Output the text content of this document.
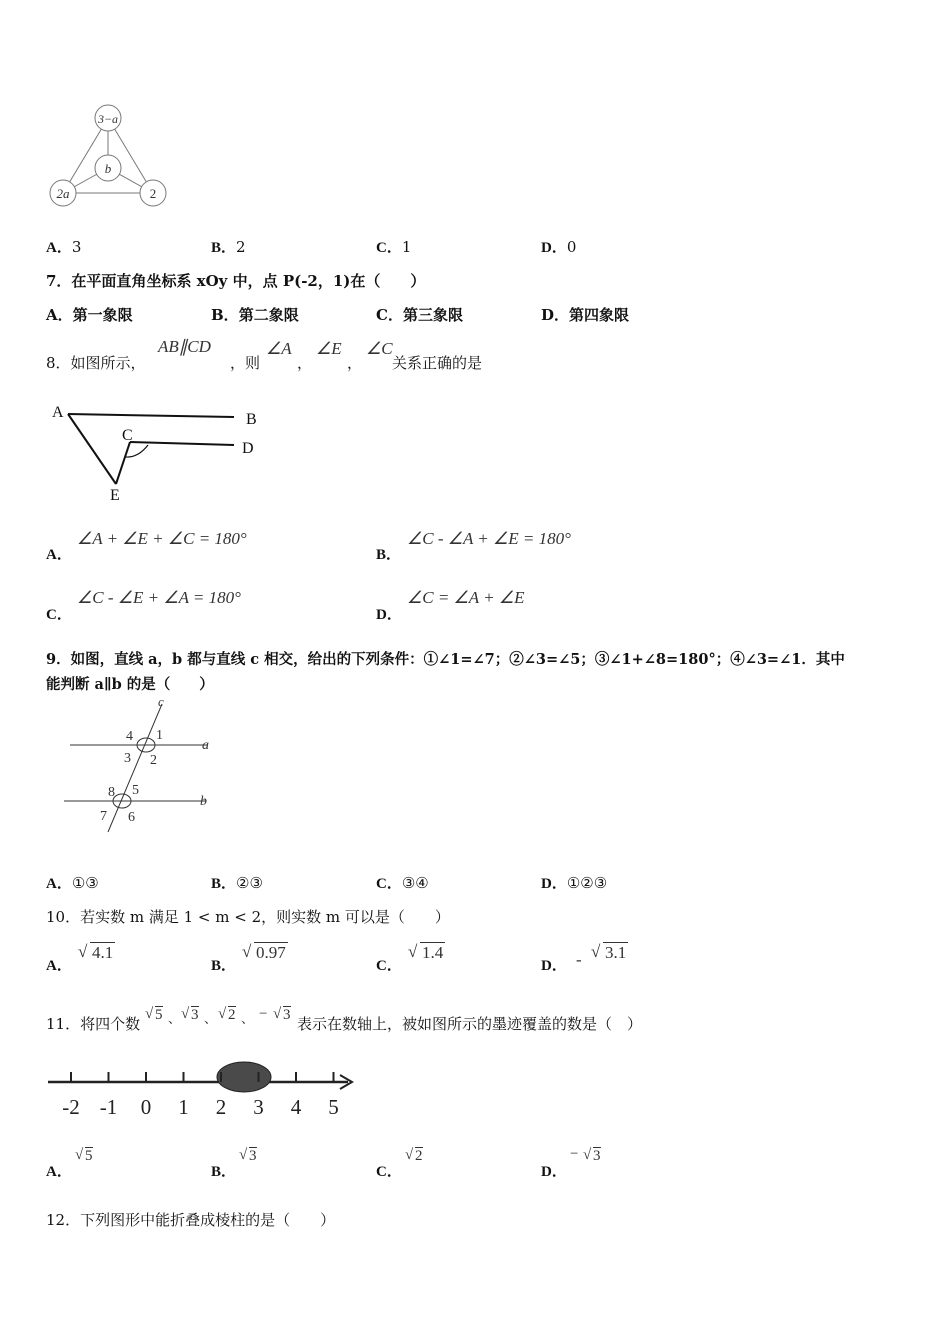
3−a
b
2a	2
A．3	B．2	C．1	D．0
7．在平面直角坐标系 xOy 中，点 P(-2，1)在（　　）
A．第一象限	B．第二象限	C．第三象限	D．第四象限
8．如图所示，
AB∥CD
，则
∠A
，
∠E
，
∠C
关系正确的是
A	B
C
D
E
A．
∠A + ∠E + ∠C = 180°
B．
∠C - ∠A + ∠E = 180°
C．
∠C - ∠E + ∠A = 180°
D．
∠C = ∠A + ∠E
9．如图，直线 a，b 都与直线 c 相交，给出的下列条件：①∠1=∠7；②∠3=∠5；③∠1+∠8=180°；④∠3=∠1．其中
能判断 a∥b 的是（　　）
c
a
b
4 1
3 2
8 5
7 6
A．①③	B．②③	C．③④	D．①②③
10．若实数 m 满足 1 < m < 2，则实数 m 可以是（　　）
A．
√ 4.1
B．
√ 0.97
C．
√ 1.4
D． - √ 3.1
11．将四个数
√ 5 、 √ 3 、 √ 2 、 − √ 3 表示在数轴上，被如图所示的墨迹覆盖的数是（　）
-2 -1 0 1 2 3 4 5
A．
√ 5
B．
√ 3
C．
√ 2
D．
− √ 3
12．下列图形中能折叠成棱柱的是（　　）
